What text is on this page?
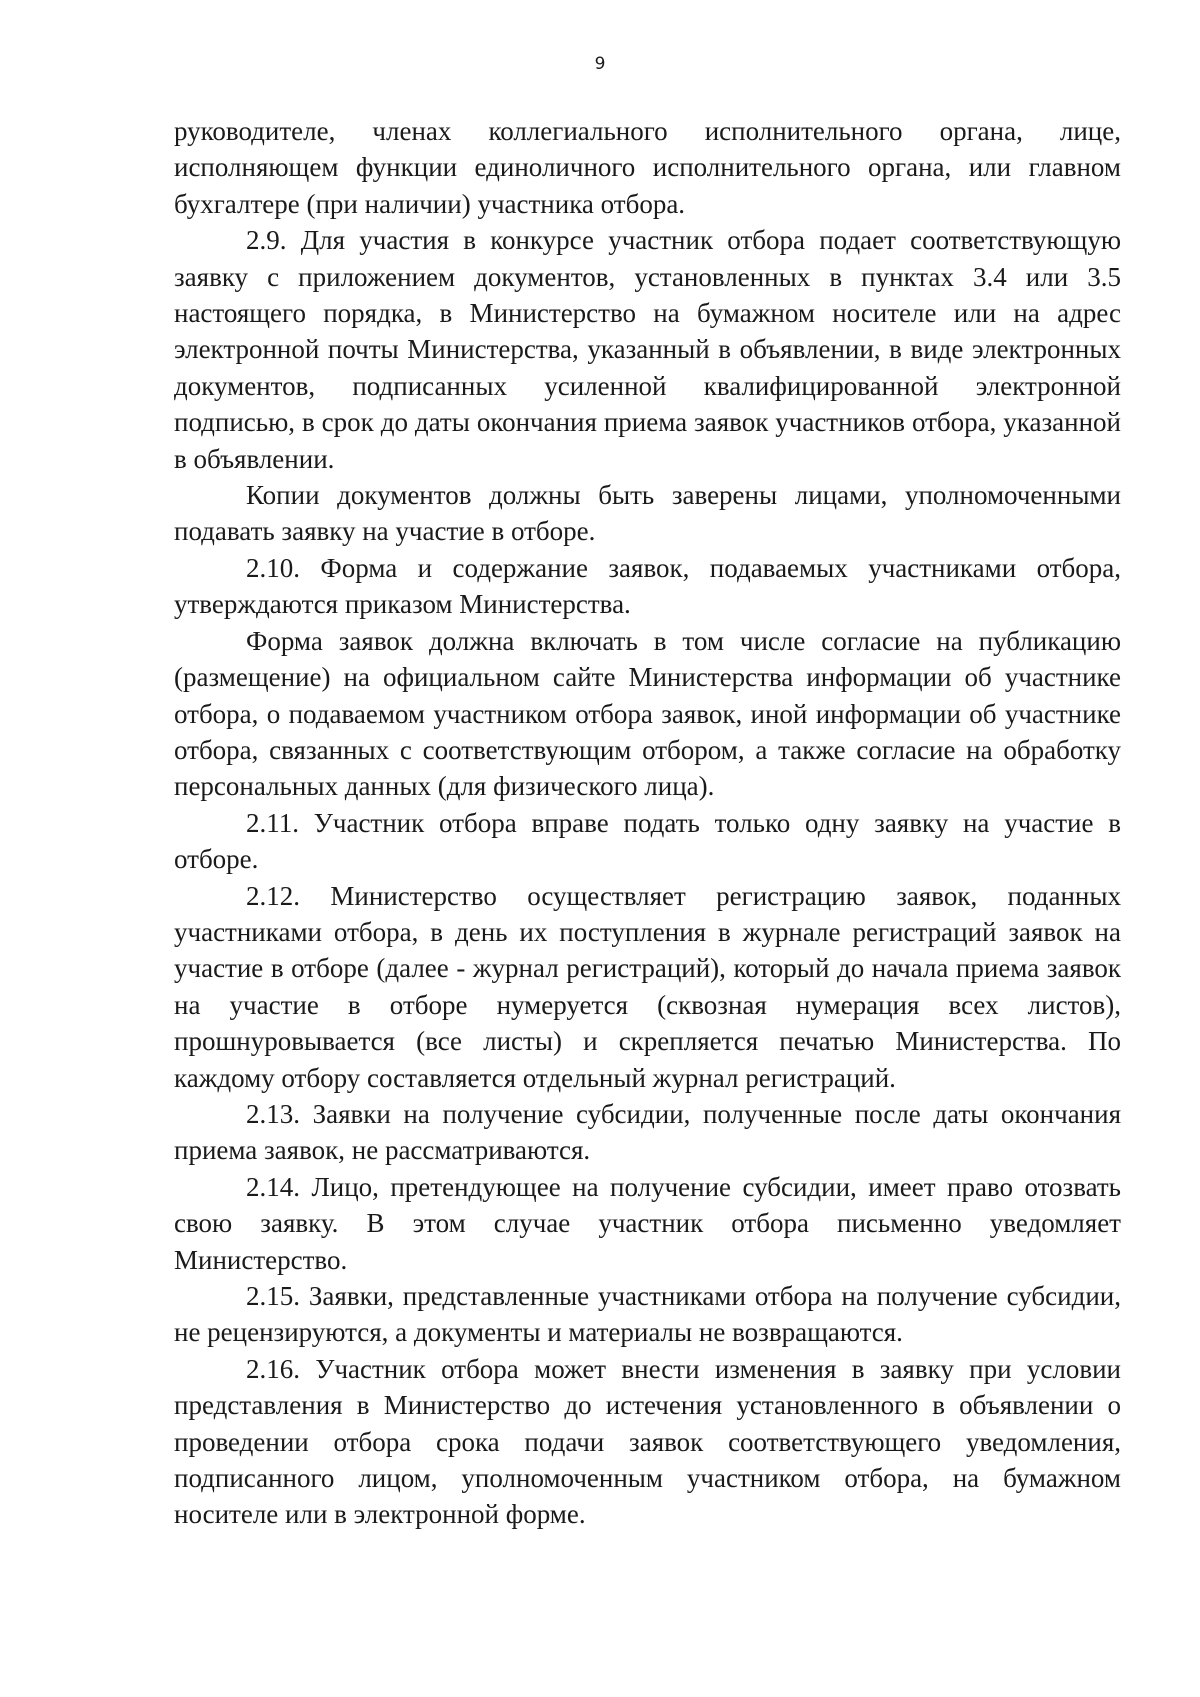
9

руководителе, членах коллегиального исполнительного органа, лице, исполняющем функции единоличного исполнительного органа, или главном бухгалтере (при наличии) участника отбора.

2.9. Для участия в конкурсе участник отбора подает соответствующую заявку с приложением документов, установленных в пунктах 3.4 или 3.5 настоящего порядка, в Министерство на бумажном носителе или на адрес электронной почты Министерства, указанный в объявлении, в виде электронных документов, подписанных усиленной квалифицированной электронной подписью, в срок до даты окончания приема заявок участников отбора, указанной в объявлении.

Копии документов должны быть заверены лицами, уполномоченными подавать заявку на участие в отборе.

2.10. Форма и содержание заявок, подаваемых участниками отбора, утверждаются приказом Министерства.

Форма заявок должна включать в том числе согласие на публикацию (размещение) на официальном сайте Министерства информации об участнике отбора, о подаваемом участником отбора заявок, иной информации об участнике отбора, связанных с соответствующим отбором, а также согласие на обработку персональных данных (для физического лица).

2.11. Участник отбора вправе подать только одну заявку на участие в отборе.

2.12. Министерство осуществляет регистрацию заявок, поданных участниками отбора, в день их поступления в журнале регистраций заявок на участие в отборе (далее - журнал регистраций), который до начала приема заявок на участие в отборе нумеруется (сквозная нумерация всех листов), прошнуровывается (все листы) и скрепляется печатью Министерства. По каждому отбору составляется отдельный журнал регистраций.

2.13. Заявки на получение субсидии, полученные после даты окончания приема заявок, не рассматриваются.

2.14. Лицо, претендующее на получение субсидии, имеет право отозвать свою заявку. В этом случае участник отбора письменно уведомляет Министерство.

2.15. Заявки, представленные участниками отбора на получение субсидии, не рецензируются, а документы и материалы не возвращаются.

2.16. Участник отбора может внести изменения в заявку при условии представления в Министерство до истечения установленного в объявлении о проведении отбора срока подачи заявок соответствующего уведомления, подписанного лицом, уполномоченным участником отбора, на бумажном носителе или в электронной форме.
